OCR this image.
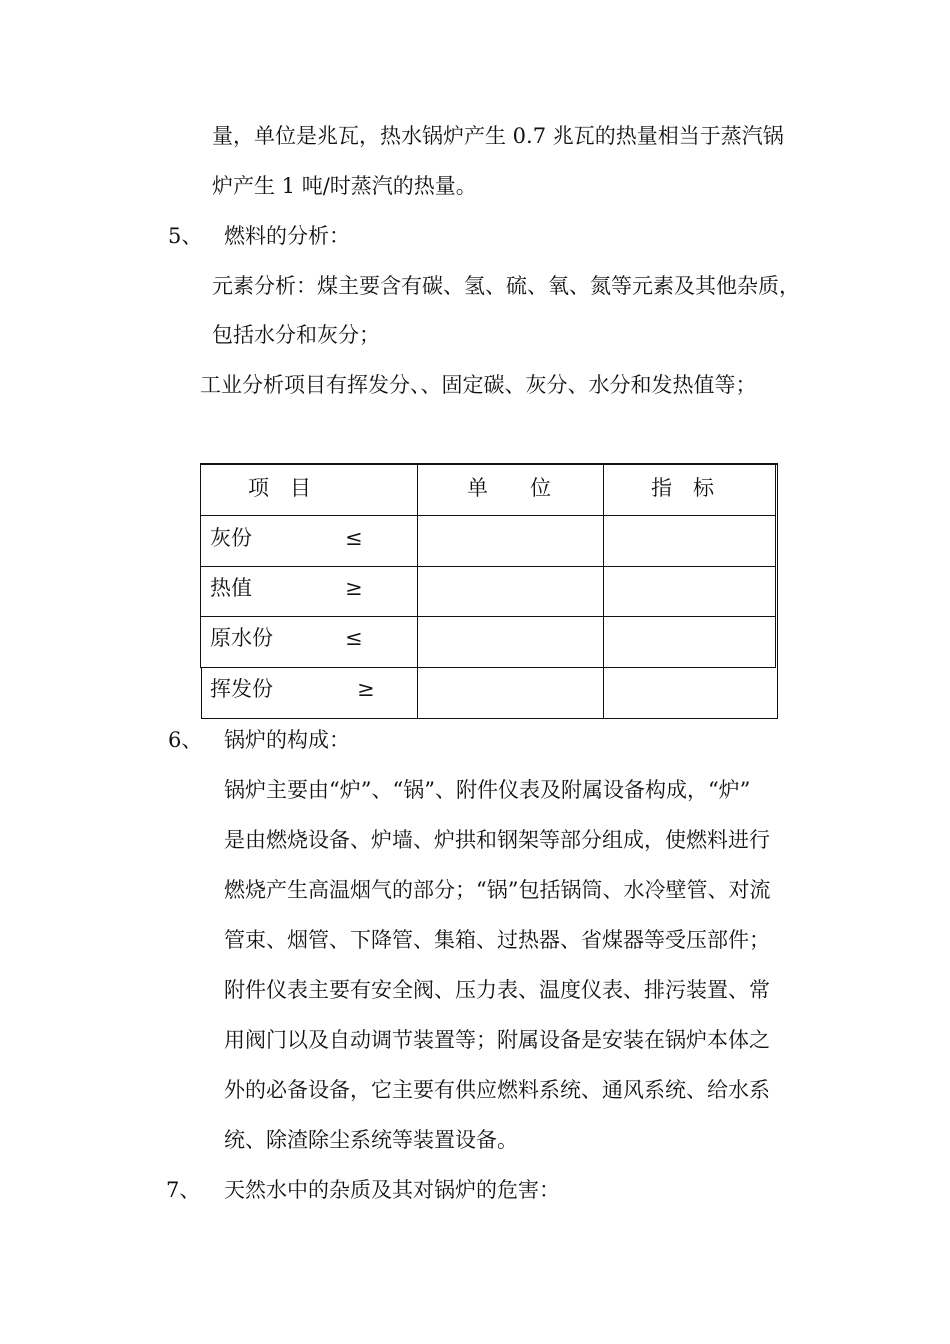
量，单位是兆瓦，热水锅炉产生 0.7 兆瓦的热量相当于蒸汽锅
炉产生 1 吨/时蒸汽的热量。
5、 燃料的分析：
元素分析：煤主要含有碳、氢、硫、氧、氮等元素及其他杂质，
包括水分和灰分；
工业分析项目有挥发分、、固定碳、灰分、水分和发热值等；
项　目	单　　位	指　标
灰份	≤
热值	≥
原水份	≤
挥发份	≥
6、 锅炉的构成：
锅炉主要由“炉”、“锅”、附件仪表及附属设备构成，“炉”
是由燃烧设备、炉墙、炉拱和钢架等部分组成，使燃料进行
燃烧产生高温烟气的部分；“锅”包括锅筒、水冷壁管、对流
管束、烟管、下降管、集箱、过热器、省煤器等受压部件；
附件仪表主要有安全阀、压力表、温度仪表、排污装置、常
用阀门以及自动调节装置等；附属设备是安装在锅炉本体之
外的必备设备，它主要有供应燃料系统、通风系统、给水系
统、除渣除尘系统等装置设备。
7、 天然水中的杂质及其对锅炉的危害：
